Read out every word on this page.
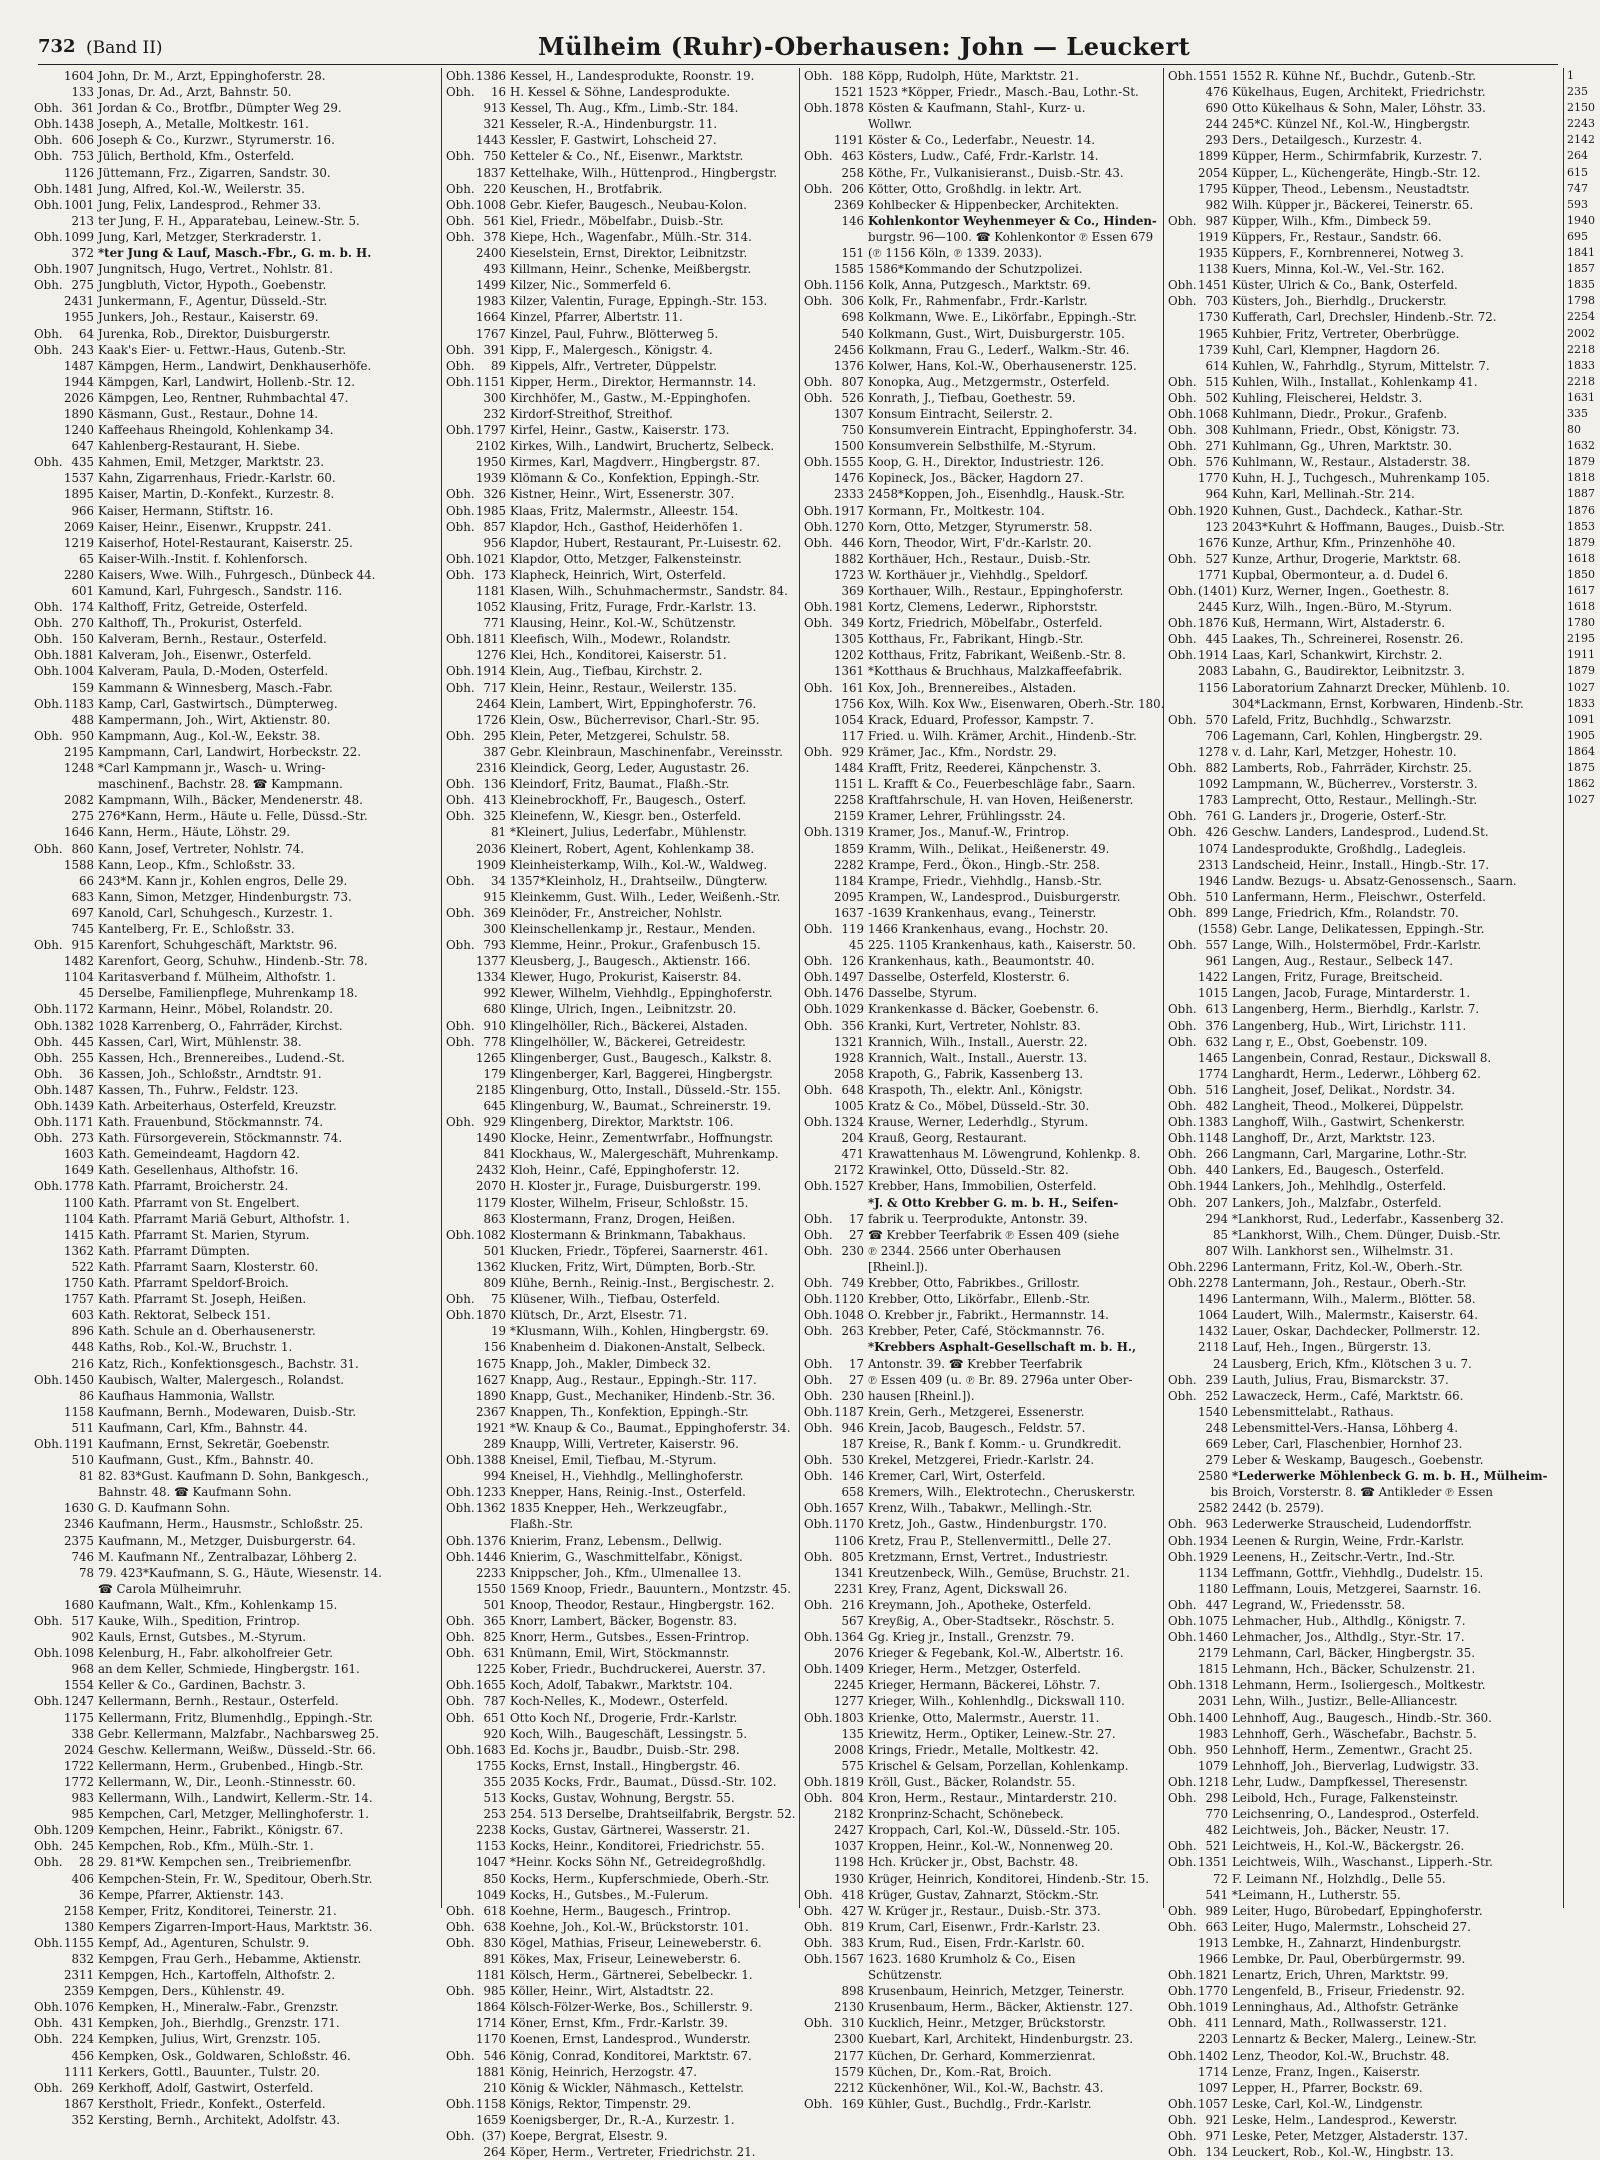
732 (Band II)	Mülheim (Ruhr)-Oberhausen: John — Leuckert
1604 John, Dr. M., Arzt, Eppinghoferstr. 28.
133 Jonas, Dr. Ad., Arzt, Bahnstr. 50.
Obh. 361 Jordan & Co., Brotfbr., Dümpter Weg 29.
Obh.1438 Joseph, A., Metalle, Moltkestr. 161.
Obh. 606 Joseph & Co., Kurzwr., Styrumerstr. 16.
Obh. 753 Jülich, Berthold, Kfm., Osterfeld.
1126 Jüttemann, Frz., Zigarren, Sandstr. 30.
Obh.1481 Jung, Alfred, Kol.-W., Weilerstr. 35.
Obh.1001 Jung, Felix, Landesprod., Rehmer 33.
213 ter Jung, F. H., Apparatebau, Leinew.-Str. 5.
Obh.1099 Jung, Karl, Metzger, Sterkraderstr. 1.
372 *ter Jung & Lauf, Masch.-Fbr., G. m. b. H.
Obh.1907 Jungnitsch, Hugo, Vertret., Nohlstr. 81.
Obh. 275 Jungbluth, Victor, Hypoth., Goebenstr.
2431 Junkermann, F., Agentur, Düsseld.-Str.
1955 Junkers, Joh., Restaur., Kaiserstr. 69.
Obh. 64 Jurenka, Rob., Direktor, Duisburgerstr.
Obh. 243 Kaak's Eier- u. Fettwr.-Haus, Gutenb.-Str.
1487 Kämpgen, Herm., Landwirt, Denkhauserhöfe.
1944 Kämpgen, Karl, Landwirt, Hollenb.-Str. 12.
2026 Kämpgen, Leo, Rentner, Ruhmbachtal 47.
1890 Käsmann, Gust., Restaur., Dohne 14.
1240 Kaffeehaus Rheingold, Kohlenkamp 34.
647 Kahlenberg-Restaurant, H. Siebe.
Obh. 435 Kahmen, Emil, Metzger, Marktstr. 23.
1537 Kahn, Zigarrenhaus, Friedr.-Karlstr. 60.
1895 Kaiser, Martin, D.-Konfekt., Kurzestr. 8.
966 Kaiser, Hermann, Stiftstr. 16.
2069 Kaiser, Heinr., Eisenwr., Kruppstr. 241.
1219 Kaiserhof, Hotel-Restaurant, Kaiserstr. 25.
65 Kaiser-Wilh.-Instit. f. Kohlenforsch.
2280 Kaisers, Wwe. Wilh., Fuhrgesch., Dünbeck 44.
601 Kamund, Karl, Fuhrgesch., Sandstr. 116.
Obh. 174 Kalthoff, Fritz, Getreide, Osterfeld.
Obh. 270 Kalthoff, Th., Prokurist, Osterfeld.
Obh. 150 Kalveram, Bernh., Restaur., Osterfeld.
Obh.1881 Kalveram, Joh., Eisenwr., Osterfeld.
Obh.1004 Kalveram, Paula, D.-Moden, Osterfeld.
159 Kammann & Winnesberg, Masch.-Fabr.
Obh.1183 Kamp, Carl, Gastwirtsch., Dümpterweg.
488 Kampermann, Joh., Wirt, Aktienstr. 80.
Obh. 950 Kampmann, Aug., Kol.-W., Eekstr. 38.
2195 Kampmann, Carl, Landwirt, Horbeckstr. 22.
1248 *Carl Kampmann jr., Wasch- u. Wring-
maschinenf., Bachstr. 28. ☎ Kampmann.
2082 Kampmann, Wilh., Bäcker, Mendenerstr. 48.
275 276*Kann, Herm., Häute u. Felle, Düssd.-Str.
1646 Kann, Herm., Häute, Löhstr. 29.
Obh. 860 Kann, Josef, Vertreter, Nohlstr. 74.
1588 Kann, Leop., Kfm., Schloßstr. 33.
66 243*M. Kann jr., Kohlen engros, Delle 29.
683 Kann, Simon, Metzger, Hindenburgstr. 73.
697 Kanold, Carl, Schuhgesch., Kurzestr. 1.
745 Kantelberg, Fr. E., Schloßstr. 33.
Obh. 915 Karenfort, Schuhgeschäft, Marktstr. 96.
1482 Karenfort, Georg, Schuhw., Hindenb.-Str. 78.
1104 Karitasverband f. Mülheim, Althofstr. 1.
45 Derselbe, Familienpflege, Muhrenkamp 18.
Obh.1172 Karmann, Heinr., Möbel, Rolandstr. 20.
Obh.1382 1028 Karrenberg, O., Fahrräder, Kirchst.
Obh. 445 Kassen, Carl, Wirt, Mühlenstr. 38.
Obh. 255 Kassen, Hch., Brennereibes., Ludend.-St.
Obh. 36 Kassen, Joh., Schloßstr., Arndtstr. 91.
Obh.1487 Kassen, Th., Fuhrw., Feldstr. 123.
Obh.1439 Kath. Arbeiterhaus, Osterfeld, Kreuzstr.
Obh.1171 Kath. Frauenbund, Stöckmannstr. 74.
Obh. 273 Kath. Fürsorgeverein, Stöckmannstr. 74.
1603 Kath. Gemeindeamt, Hagdorn 42.
1649 Kath. Gesellenhaus, Althofstr. 16.
Obh.1778 Kath. Pfarramt, Broicherstr. 24.
1100 Kath. Pfarramt von St. Engelbert.
1104 Kath. Pfarramt Mariä Geburt, Althofstr. 1.
1415 Kath. Pfarramt St. Marien, Styrum.
1362 Kath. Pfarramt Dümpten.
522 Kath. Pfarramt Saarn, Klosterstr. 60.
1750 Kath. Pfarramt Speldorf-Broich.
1757 Kath. Pfarramt St. Joseph, Heißen.
603 Kath. Rektorat, Selbeck 151.
896 Kath. Schule an d. Oberhausenerstr.
448 Kaths, Rob., Kol.-W., Bruchstr. 1.
216 Katz, Rich., Konfektionsgesch., Bachstr. 31.
Obh.1450 Kaubisch, Walter, Malergesch., Rolandst.
86 Kaufhaus Hammonia, Wallstr.
1158 Kaufmann, Bernh., Modewaren, Duisb.-Str.
511 Kaufmann, Carl, Kfm., Bahnstr. 44.
Obh.1191 Kaufmann, Ernst, Sekretär, Goebenstr.
510 Kaufmann, Gust., Kfm., Bahnstr. 40.
81 82. 83*Gust. Kaufmann D. Sohn, Bankgesch.,
Bahnstr. 48. ☎ Kaufmann Sohn.
1630 G. D. Kaufmann Sohn.
2346 Kaufmann, Herm., Hausmstr., Schloßstr. 25.
2375 Kaufmann, M., Metzger, Duisburgerstr. 64.
746 M. Kaufmann Nf., Zentralbazar, Löhberg 2.
78 79. 423*Kaufmann, S. G., Häute, Wiesenstr. 14.
☎ Carola Mülheimruhr.
1680 Kaufmann, Walt., Kfm., Kohlenkamp 15.
Obh. 517 Kauke, Wilh., Spedition, Frintrop.
902 Kauls, Ernst, Gutsbes., M.-Styrum.
Obh.1098 Kelenburg, H., Fabr. alkoholfreier Getr.
968 an dem Keller, Schmiede, Hingbergstr. 161.
1554 Keller & Co., Gardinen, Bachstr. 3.
Obh.1247 Kellermann, Bernh., Restaur., Osterfeld.
1175 Kellermann, Fritz, Blumenhdlg., Eppingh.-Str.
338 Gebr. Kellermann, Malzfabr., Nachbarsweg 25.
2024 Geschw. Kellermann, Weißw., Düsseld.-Str. 66.
1722 Kellermann, Herm., Grubenbed., Hingb.-Str.
1772 Kellermann, W., Dir., Leonh.-Stinnesstr. 60.
983 Kellermann, Wilh., Landwirt, Kellerm.-Str. 14.
985 Kempchen, Carl, Metzger, Mellinghoferstr. 1.
Obh.1209 Kempchen, Heinr., Fabrikt., Königstr. 67.
Obh. 245 Kempchen, Rob., Kfm., Mülh.-Str. 1.
Obh. 28 29. 81*W. Kempchen sen., Treibriemenfbr.
406 Kempchen-Stein, Fr. W., Speditour, Oberh.Str.
36 Kempe, Pfarrer, Aktienstr. 143.
2158 Kemper, Fritz, Konditorei, Teinerstr. 21.
1380 Kempers Zigarren-Import-Haus, Marktstr. 36.
Obh.1155 Kempf, Ad., Agenturen, Schulstr. 9.
832 Kempgen, Frau Gerh., Hebamme, Aktienstr.
2311 Kempgen, Hch., Kartoffeln, Althofstr. 2.
2359 Kempgen, Ders., Kühlenstr. 49.
Obh.1076 Kempken, H., Mineralw.-Fabr., Grenzstr.
Obh. 431 Kempken, Joh., Bierhdlg., Grenzstr. 171.
Obh. 224 Kempken, Julius, Wirt, Grenzstr. 105.
456 Kempken, Osk., Goldwaren, Schloßstr. 46.
1111 Kerkers, Gottl., Bauunter., Tulstr. 20.
Obh. 269 Kerkhoff, Adolf, Gastwirt, Osterfeld.
1867 Kerstholt, Friedr., Konfekt., Osterfeld.
352 Kersting, Bernh., Architekt, Adolfstr. 43.
Obh.1386 Kessel, H., Landesprodukte, Roonstr. 19.
Obh. 16 H. Kessel & Söhne, Landesprodukte.
913 Kessel, Th. Aug., Kfm., Limb.-Str. 184.
321 Kesseler, R.-A., Hindenburgstr. 11.
1443 Kessler, F. Gastwirt, Lohscheid 27.
Obh. 750 Ketteler & Co., Nf., Eisenwr., Marktstr.
1837 Kettelhake, Wilh., Hüttenprod., Hingbergstr.
Obh. 220 Keuschen, H., Brotfabrik.
Obh.1008 Gebr. Kiefer, Baugesch., Neubau-Kolon.
Obh. 561 Kiel, Friedr., Möbelfabr., Duisb.-Str.
Obh. 378 Kiepe, Hch., Wagenfabr., Mülh.-Str. 314.
2400 Kieselstein, Ernst, Direktor, Leibnitzstr.
493 Killmann, Heinr., Schenke, Meißbergstr.
1499 Kilzer, Nic., Sommerfeld 6.
1983 Kilzer, Valentin, Furage, Eppingh.-Str. 153.
1664 Kinzel, Pfarrer, Albertstr. 11.
1767 Kinzel, Paul, Fuhrw., Blötterweg 5.
Obh. 391 Kipp, F., Malergesch., Königstr. 4.
Obh. 89 Kippels, Alfr., Vertreter, Düppelstr.
Obh.1151 Kipper, Herm., Direktor, Hermannstr. 14.
300 Kirchhöfer, M., Gastw., M.-Eppinghofen.
232 Kirdorf-Streithof, Streithof.
Obh.1797 Kirfel, Heinr., Gastw., Kaiserstr. 173.
2102 Kirkes, Wilh., Landwirt, Bruchertz, Selbeck.
1950 Kirmes, Karl, Magdverr., Hingbergstr. 87.
1939 Klömann & Co., Konfektion, Eppingh.-Str.
Obh. 326 Kistner, Heinr., Wirt, Essenerstr. 307.
Obh.1985 Klaas, Fritz, Malermstr., Alleestr. 154.
Obh. 857 Klapdor, Hch., Gasthof, Heiderhöfen 1.
956 Klapdor, Hubert, Restaurant, Pr.-Luisestr. 62.
Obh.1021 Klapdor, Otto, Metzger, Falkensteinstr.
Obh. 173 Klapheck, Heinrich, Wirt, Osterfeld.
1181 Klasen, Wilh., Schuhmachermstr., Sandstr. 84.
1052 Klausing, Fritz, Furage, Frdr.-Karlstr. 13.
771 Klausing, Heinr., Kol.-W., Schützenstr.
Obh.1811 Kleefisch, Wilh., Modewr., Rolandstr.
1276 Klei, Hch., Konditorei, Kaiserstr. 51.
Obh.1914 Klein, Aug., Tiefbau, Kirchstr. 2.
Obh. 717 Klein, Heinr., Restaur., Weilerstr. 135.
2464 Klein, Lambert, Wirt, Eppinghoferstr. 76.
1726 Klein, Osw., Bücherrevisor, Charl.-Str. 95.
Obh. 295 Klein, Peter, Metzgerei, Schulstr. 58.
387 Gebr. Kleinbraun, Maschinenfabr., Vereinsstr.
2316 Kleindick, Georg, Leder, Augustastr. 26.
Obh. 136 Kleindorf, Fritz, Baumat., Flaßh.-Str.
Obh. 413 Kleinebrockhoff, Fr., Baugesch., Osterf.
Obh. 325 Kleinefenn, W., Kiesgr. ben., Osterfeld.
81 *Kleinert, Julius, Lederfabr., Mühlenstr.
2036 Kleinert, Robert, Agent, Kohlenkamp 38.
1909 Kleinheisterkamp, Wilh., Kol.-W., Waldweg.
Obh. 34 1357*Kleinholz, H., Drahtseilw., Düngterw.
915 Kleinkemm, Gust. Wilh., Leder, Weißenh.-Str.
Obh. 369 Kleinöder, Fr., Anstreicher, Nohlstr.
300 Kleinschellenkamp jr., Restaur., Menden.
Obh. 793 Klemme, Heinr., Prokur., Grafenbusch 15.
1377 Kleusberg, J., Baugesch., Aktienstr. 166.
1334 Klewer, Hugo, Prokurist, Kaiserstr. 84.
992 Klewer, Wilhelm, Viehhdlg., Eppinghoferstr.
680 Klinge, Ulrich, Ingen., Leibnitzstr. 20.
Obh. 910 Klingelhöller, Rich., Bäckerei, Alstaden.
Obh. 778 Klingelhöller, W., Bäckerei, Getreidestr.
1265 Klingenberger, Gust., Baugesch., Kalkstr. 8.
179 Klingenberger, Karl, Baggerei, Hingbergstr.
2185 Klingenburg, Otto, Install., Düsseld.-Str. 155.
645 Klingenburg, W., Baumat., Schreinerstr. 19.
Obh. 929 Klingenberg, Direktor, Marktstr. 106.
1490 Klocke, Heinr., Zementwrfabr., Hoffnungstr.
841 Klockhaus, W., Malergeschäft, Muhrenkamp.
2432 Kloh, Heinr., Café, Eppinghoferstr. 12.
2070 H. Kloster jr., Furage, Duisburgerstr. 199.
1179 Kloster, Wilhelm, Friseur, Schloßstr. 15.
863 Klostermann, Franz, Drogen, Heißen.
Obh.1082 Klostermann & Brinkmann, Tabakhaus.
501 Klucken, Friedr., Töpferei, Saarnerstr. 461.
1362 Klucken, Fritz, Wirt, Dümpten, Borb.-Str.
809 Klühe, Bernh., Reinig.-Inst., Bergischestr. 2.
Obh. 75 Klüsener, Wilh., Tiefbau, Osterfeld.
Obh.1870 Klütsch, Dr., Arzt, Elsestr. 71.
19 *Klusmann, Wilh., Kohlen, Hingbergstr. 69.
156 Knabenheim d. Diakonen-Anstalt, Selbeck.
1675 Knapp, Joh., Makler, Dimbeck 32.
1627 Knapp, Aug., Restaur., Eppingh.-Str. 117.
1890 Knapp, Gust., Mechaniker, Hindenb.-Str. 36.
2367 Knappen, Th., Konfektion, Eppingh.-Str.
1921 *W. Knaup & Co., Baumat., Eppinghoferstr. 34.
289 Knaupp, Willi, Vertreter, Kaiserstr. 96.
Obh.1388 Kneisel, Emil, Tiefbau, M.-Styrum.
994 Kneisel, H., Viehhdlg., Mellinghoferstr.
Obh.1233 Knepper, Hans, Reinig.-Inst., Osterfeld.
Obh.1362 1835 Knepper, Heh., Werkzeugfabr.,
Flaßh.-Str.
Obh.1376 Knierim, Franz, Lebensm., Dellwig.
Obh.1446 Knierim, G., Waschmittelfabr., Königst.
2233 Knippscher, Joh., Kfm., Ulmenallee 13.
1550 1569 Knoop, Friedr., Bauuntern., Montzstr. 45.
501 Knoop, Theodor, Restaur., Hingbergstr. 162.
Obh. 365 Knorr, Lambert, Bäcker, Bogenstr. 83.
Obh. 825 Knorr, Herm., Gutsbes., Essen-Frintrop.
Obh. 631 Knümann, Emil, Wirt, Stöckmannstr.
1225 Kober, Friedr., Buchdruckerei, Auerstr. 37.
Obh.1655 Koch, Adolf, Tabakwr., Marktstr. 104.
Obh. 787 Koch-Nelles, K., Modewr., Osterfeld.
Obh. 651 Otto Koch Nf., Drogerie, Frdr.-Karlstr.
920 Koch, Wilh., Baugeschäft, Lessingstr. 5.
Obh.1683 Ed. Kochs jr., Baudbr., Duisb.-Str. 298.
1755 Kocks, Ernst, Install., Hingbergstr. 46.
355 2035 Kocks, Frdr., Baumat., Düssd.-Str. 102.
513 Kocks, Gustav, Wohnung, Bergstr. 55.
253 254. 513 Derselbe, Drahtseilfabrik, Bergstr. 52.
2238 Kocks, Gustav, Gärtnerei, Wasserstr. 21.
1153 Kocks, Heinr., Konditorei, Friedrichstr. 55.
1047 *Heinr. Kocks Söhn Nf., Getreidegroßhdlg.
850 Kocks, Herm., Kupferschmiede, Oberh.-Str.
1049 Kocks, H., Gutsbes., M.-Fulerum.
Obh. 618 Koehne, Herm., Baugesch., Frintrop.
Obh. 638 Koehne, Joh., Kol.-W., Brückstorstr. 101.
Obh. 830 Kögel, Mathias, Friseur, Leineweberstr. 6.
891 Kökes, Max, Friseur, Leineweberstr. 6.
1181 Kölsch, Herm., Gärtnerei, Sebelbeckr. 1.
Obh. 985 Köller, Heinr., Wirt, Alstadtstr. 22.
1864 Kölsch-Fölzer-Werke, Bos., Schillerstr. 9.
1714 Köner, Ernst, Kfm., Frdr.-Karlstr. 39.
1170 Koenen, Ernst, Landesprod., Wunderstr.
Obh. 546 König, Conrad, Konditorei, Marktstr. 67.
1881 König, Heinrich, Herzogstr. 47.
210 König & Wickler, Nähmasch., Kettelstr.
Obh.1158 Königs, Rektor, Timpenstr. 29.
1659 Koenigsberger, Dr., R.-A., Kurzestr. 1.
Obh. (37) Koepe, Bergrat, Elsestr. 9.
264 Köper, Herm., Vertreter, Friedrichstr. 21.
Obh. 188 Köpp, Rudolph, Hüte, Marktstr. 21.
1521 1523 *Köpper, Friedr., Masch.-Bau, Lothr.-St.
Obh.1878 Kösten & Kaufmann, Stahl-, Kurz- u.
Wollwr.
1191 Köster & Co., Lederfabr., Neuestr. 14.
Obh. 463 Kösters, Ludw., Café, Frdr.-Karlstr. 14.
258 Köthe, Fr., Vulkanisieranst., Duisb.-Str. 43.
Obh. 206 Kötter, Otto, Großhdlg. in lektr. Art.
2369 Kohlbecker & Hippenbecker, Architekten.
146 Kohlenkontor Weyhenmeyer & Co., Hinden-
burgstr. 96—100. ☎ Kohlenkontor ℗ Essen 679
151 (℗ 1156 Köln, ℗ 1339. 2033).
1585 1586*Kommando der Schutzpolizei.
Obh.1156 Kolk, Anna, Putzgesch., Marktstr. 69.
Obh. 306 Kolk, Fr., Rahmenfabr., Frdr.-Karlstr.
698 Kolkmann, Wwe. E., Likörfabr., Eppingh.-Str.
540 Kolkmann, Gust., Wirt, Duisburgerstr. 105.
2456 Kolkmann, Frau G., Lederf., Walkm.-Str. 46.
1376 Kolwer, Hans, Kol.-W., Oberhausenerstr. 125.
Obh. 807 Konopka, Aug., Metzgermstr., Osterfeld.
Obh. 526 Konrath, J., Tiefbau, Goethestr. 59.
1307 Konsum Eintracht, Seilerstr. 2.
750 Konsumverein Eintracht, Eppinghoferstr. 34.
1500 Konsumverein Selbsthilfe, M.-Styrum.
Obh.1555 Koop, G. H., Direktor, Industriestr. 126.
1476 Kopineck, Jos., Bäcker, Hagdorn 27.
2333 2458*Koppen, Joh., Eisenhdlg., Hausk.-Str.
Obh.1917 Kormann, Fr., Moltkestr. 104.
Obh.1270 Korn, Otto, Metzger, Styrumerstr. 58.
Obh. 446 Korn, Theodor, Wirt, F'dr.-Karlstr. 20.
1882 Korthäuer, Hch., Restaur., Duisb.-Str.
1723 W. Korthäuer jr., Viehhdlg., Speldorf.
369 Korthauer, Wilh., Restaur., Eppinghoferstr.
Obh.1981 Kortz, Clemens, Lederwr., Riphorststr.
Obh. 349 Kortz, Friedrich, Möbelfabr., Osterfeld.
1305 Kotthaus, Fr., Fabrikant, Hingb.-Str.
1202 Kotthaus, Fritz, Fabrikant, Weißenb.-Str. 8.
1361 *Kotthaus & Bruchhaus, Malzkaffeefabrik.
Obh. 161 Kox, Joh., Brennereibes., Alstaden.
1756 Kox, Wilh. Kox Ww., Eisenwaren, Oberh.-Str. 180.
1054 Krack, Eduard, Professor, Kampstr. 7.
117 Fried. u. Wilh. Krämer, Archit., Hindenb.-Str.
Obh. 929 Krämer, Jac., Kfm., Nordstr. 29.
1484 Krafft, Fritz, Reederei, Känpchenstr. 3.
1151 L. Krafft & Co., Feuerbeschläge fabr., Saarn.
2258 Kraftfahrschule, H. van Hoven, Heißenerstr.
2159 Kramer, Lehrer, Frühlingsstr. 24.
Obh.1319 Kramer, Jos., Manuf.-W., Frintrop.
1859 Kramm, Wilh., Delikat., Heißenerstr. 49.
2282 Krampe, Ferd., Ökon., Hingb.-Str. 258.
1184 Krampe, Friedr., Viehhdlg., Hansb.-Str.
2095 Krampen, W., Landesprod., Duisburgerstr.
1637 -1639 Krankenhaus, evang., Teinerstr.
Obh. 119 1466 Krankenhaus, evang., Hochstr. 20.
45 225. 1105 Krankenhaus, kath., Kaiserstr. 50.
Obh. 126 Krankenhaus, kath., Beaumontstr. 40.
Obh.1497 Dasselbe, Osterfeld, Klosterstr. 6.
Obh.1476 Dasselbe, Styrum.
Obh.1029 Krankenkasse d. Bäcker, Goebenstr. 6.
Obh. 356 Kranki, Kurt, Vertreter, Nohlstr. 83.
1321 Krannich, Wilh., Install., Auerstr. 22.
1928 Krannich, Walt., Install., Auerstr. 13.
2058 Krapoth, G., Fabrik, Kassenberg 13.
Obh. 648 Kraspoth, Th., elektr. Anl., Königstr.
1005 Kratz & Co., Möbel, Düsseld.-Str. 30.
Obh.1324 Krause, Werner, Lederhdlg., Styrum.
204 Krauß, Georg, Restaurant.
471 Krawattenhaus M. Löwengrund, Kohlenkp. 8.
2172 Krawinkel, Otto, Düsseld.-Str. 82.
Obh.1527 Krebber, Hans, Immobilien, Osterfeld.
*J. & Otto Krebber G. m. b. H., Seifen-
Obh. 17 fabrik u. Teerprodukte, Antonstr. 39.
Obh. 27 ☎ Krebber Teerfabrik ℗ Essen 409 (siehe
Obh. 230 ℗ 2344. 2566 unter Oberhausen
[Rheinl.]).
Obh. 749 Krebber, Otto, Fabrikbes., Grillostr.
Obh.1120 Krebber, Otto, Likörfabr., Ellenb.-Str.
Obh.1048 O. Krebber jr., Fabrikt., Hermannstr. 14.
Obh. 263 Krebber, Peter, Café, Stöckmannstr. 76.
*Krebbers Asphalt-Gesellschaft m. b. H.,
Obh. 17 Antonstr. 39. ☎ Krebber Teerfabrik
Obh. 27 ℗ Essen 409 (u. ℗ Br. 89. 2796a unter Ober-
Obh. 230 hausen [Rheinl.]).
Obh.1187 Krein, Gerh., Metzgerei, Essenerstr.
Obh. 946 Krein, Jacob, Baugesch., Feldstr. 57.
187 Kreise, R., Bank f. Komm.- u. Grundkredit.
Obh. 530 Krekel, Metzgerei, Friedr.-Karlstr. 24.
Obh. 146 Kremer, Carl, Wirt, Osterfeld.
658 Kremers, Wilh., Elektrotechn., Cheruskerstr.
Obh.1657 Krenz, Wilh., Tabakwr., Mellingh.-Str.
Obh.1170 Kretz, Joh., Gastw., Hindenburgstr. 170.
1106 Kretz, Frau P., Stellenvermittl., Delle 27.
Obh. 805 Kretzmann, Ernst, Vertret., Industriestr.
1341 Kreutzenbeck, Wilh., Gemüse, Bruchstr. 21.
2231 Krey, Franz, Agent, Dickswall 26.
Obh. 216 Kreymann, Joh., Apotheke, Osterfeld.
567 Kreyßig, A., Ober-Stadtsekr., Röschstr. 5.
Obh.1364 Gg. Krieg jr., Install., Grenzstr. 79.
2076 Krieger & Fegebank, Kol.-W., Albertstr. 16.
Obh.1409 Krieger, Herm., Metzger, Osterfeld.
2245 Krieger, Hermann, Bäckerei, Löhstr. 7.
1277 Krieger, Wilh., Kohlenhdlg., Dickswall 110.
Obh.1803 Krienke, Otto, Malermstr., Auerstr. 11.
135 Kriewitz, Herm., Optiker, Leinew.-Str. 27.
2008 Krings, Friedr., Metalle, Moltkestr. 42.
575 Krischel & Gelsam, Porzellan, Kohlenkamp.
Obh.1819 Kröll, Gust., Bäcker, Rolandstr. 55.
Obh. 804 Kron, Herm., Restaur., Mintarderstr. 210.
2182 Kronprinz-Schacht, Schönebeck.
2427 Kroppach, Carl, Kol.-W., Düsseld.-Str. 105.
1037 Kroppen, Heinr., Kol.-W., Nonnenweg 20.
1198 Hch. Krücker jr., Obst, Bachstr. 48.
1930 Krüger, Heinrich, Konditorei, Hindenb.-Str. 15.
Obh. 418 Krüger, Gustav, Zahnarzt, Stöckm.-Str.
Obh. 427 W. Krüger jr., Restaur., Duisb.-Str. 373.
Obh. 819 Krum, Carl, Eisenwr., Frdr.-Karlstr. 23.
Obh. 383 Krum, Rud., Eisen, Frdr.-Karlstr. 60.
Obh.1567 1623. 1680 Krumholz & Co., Eisen
Schützenstr.
898 Krusenbaum, Heinrich, Metzger, Teinerstr.
2130 Krusenbaum, Herm., Bäcker, Aktienstr. 127.
Obh. 310 Kucklich, Heinr., Metzger, Brückstorstr.
2300 Kuebart, Karl, Architekt, Hindenburgstr. 23.
2177 Küchen, Dr. Gerhard, Kommerzienrat.
1579 Küchen, Dr., Kom.-Rat, Broich.
2212 Kückenhöner, Wil., Kol.-W., Bachstr. 43.
Obh. 169 Kühler, Gust., Buchdlg., Frdr.-Karlstr.
Obh.1551 1552 R. Kühne Nf., Buchdr., Gutenb.-Str.
476 Kükelhaus, Eugen, Architekt, Friedrichstr.
690 Otto Kükelhaus & Sohn, Maler, Löhstr. 33.
244 245*C. Künzel Nf., Kol.-W., Hingbergstr.
293 Ders., Detailgesch., Kurzestr. 4.
1899 Küpper, Herm., Schirmfabrik, Kurzestr. 7.
2054 Küpper, L., Küchengeräte, Hingb.-Str. 12.
1795 Küpper, Theod., Lebensm., Neustadtstr.
982 Wilh. Küpper jr., Bäckerei, Teinerstr. 65.
Obh. 987 Küpper, Wilh., Kfm., Dimbeck 59.
1919 Küppers, Fr., Restaur., Sandstr. 66.
1935 Küppers, F., Kornbrennerei, Notweg 3.
1138 Kuers, Minna, Kol.-W., Vel.-Str. 162.
Obh.1451 Küster, Ulrich & Co., Bank, Osterfeld.
Obh. 703 Küsters, Joh., Bierhdlg., Druckerstr.
1730 Kufferath, Carl, Drechsler, Hindenb.-Str. 72.
1965 Kuhbier, Fritz, Vertreter, Oberbrügge.
1739 Kuhl, Carl, Klempner, Hagdorn 26.
614 Kuhlen, W., Fahrhdlg., Styrum, Mittelstr. 7.
Obh. 515 Kuhlen, Wilh., Installat., Kohlenkamp 41.
Obh. 502 Kuhling, Fleischerei, Heldstr. 3.
Obh.1068 Kuhlmann, Diedr., Prokur., Grafenb.
Obh. 308 Kuhlmann, Friedr., Obst, Königstr. 73.
Obh. 271 Kuhlmann, Gg., Uhren, Marktstr. 30.
Obh. 576 Kuhlmann, W., Restaur., Alstaderstr. 38.
1770 Kuhn, H. J., Tuchgesch., Muhrenkamp 105.
964 Kuhn, Karl, Mellinah.-Str. 214.
Obh.1920 Kuhnen, Gust., Dachdeck., Kathar.-Str.
123 2043*Kuhrt & Hoffmann, Bauges., Duisb.-Str.
1676 Kunze, Arthur, Kfm., Prinzenhöhe 40.
Obh. 527 Kunze, Arthur, Drogerie, Marktstr. 68.
1771 Kupbal, Obermonteur, a. d. Dudel 6.
Obh.(1401) Kurz, Werner, Ingen., Goethestr. 8.
2445 Kurz, Wilh., Ingen.-Büro, M.-Styrum.
Obh.1876 Kuß, Hermann, Wirt, Alstaderstr. 6.
Obh. 445 Laakes, Th., Schreinerei, Rosenstr. 26.
Obh.1914 Laas, Karl, Schankwirt, Kirchstr. 2.
2083 Labahn, G., Baudirektor, Leibnitzstr. 3.
1156 Laboratorium Zahnarzt Drecker, Mühlenb. 10.
304*Lackmann, Ernst, Korbwaren, Hindenb.-Str.
Obh. 570 Lafeld, Fritz, Buchhdlg., Schwarzstr.
706 Lagemann, Carl, Kohlen, Hingbergstr. 29.
1278 v. d. Lahr, Karl, Metzger, Hohestr. 10.
Obh. 882 Lamberts, Rob., Fahrräder, Kirchstr. 25.
1092 Lampmann, W., Bücherrev., Vorsterstr. 3.
1783 Lamprecht, Otto, Restaur., Mellingh.-Str.
Obh. 761 G. Landers jr., Drogerie, Osterf.-Str.
Obh. 426 Geschw. Landers, Landesprod., Ludend.St.
1074 Landesprodukte, Großhdlg., Ladegleis.
2313 Landscheid, Heinr., Install., Hingb.-Str. 17.
1946 Landw. Bezugs- u. Absatz-Genossensch., Saarn.
Obh. 510 Lanfermann, Herm., Fleischwr., Osterfeld.
Obh. 899 Lange, Friedrich, Kfm., Rolandstr. 70.
(1558) Gebr. Lange, Delikatessen, Eppingh.-Str.
Obh. 557 Lange, Wilh., Holstermöbel, Frdr.-Karlstr.
961 Langen, Aug., Restaur., Selbeck 147.
1422 Langen, Fritz, Furage, Breitscheid.
1015 Langen, Jacob, Furage, Mintarderstr. 1.
Obh. 613 Langenberg, Herm., Bierhdlg., Karlstr. 7.
Obh. 376 Langenberg, Hub., Wirt, Lirichstr. 111.
Obh. 632 Lang r, E., Obst, Goebenstr. 109.
1465 Langenbein, Conrad, Restaur., Dickswall 8.
1774 Langhardt, Herm., Lederwr., Löhberg 62.
Obh. 516 Langheit, Josef, Delikat., Nordstr. 34.
Obh. 482 Langheit, Theod., Molkerei, Düppelstr.
Obh.1383 Langhoff, Wilh., Gastwirt, Schenkerstr.
Obh.1148 Langhoff, Dr., Arzt, Marktstr. 123.
Obh. 266 Langmann, Carl, Margarine, Lothr.-Str.
Obh. 440 Lankers, Ed., Baugesch., Osterfeld.
Obh.1944 Lankers, Joh., Mehlhdlg., Osterfeld.
Obh. 207 Lankers, Joh., Malzfabr., Osterfeld.
294 *Lankhorst, Rud., Lederfabr., Kassenberg 32.
85 *Lankhorst, Wilh., Chem. Dünger, Duisb.-Str.
807 Wilh. Lankhorst sen., Wilhelmstr. 31.
Obh.2296 Lantermann, Fritz, Kol.-W., Oberh.-Str.
Obh.2278 Lantermann, Joh., Restaur., Oberh.-Str.
1496 Lantermann, Wilh., Malerm., Blötter. 58.
1064 Laudert, Wilh., Malermstr., Kaiserstr. 64.
1432 Lauer, Oskar, Dachdecker, Pollmerstr. 12.
2118 Lauf, Heh., Ingen., Bürgerstr. 13.
24 Lausberg, Erich, Kfm., Klötschen 3 u. 7.
Obh. 239 Lauth, Julius, Frau, Bismarckstr. 37.
Obh. 252 Lawaczeck, Herm., Café, Marktstr. 66.
1540 Lebensmittelabt., Rathaus.
248 Lebensmittel-Vers.-Hansa, Löhberg 4.
669 Leber, Carl, Flaschenbier, Hornhof 23.
279 Leber & Weskamp, Baugesch., Goebenstr.
2580 *Lederwerke Möhlenbeck G. m. b. H., Mülheim-
bis Broich, Vorsterstr. 8. ☎ Antikleder ℗ Essen
2582 2442 (b. 2579).
Obh. 963 Lederwerke Strauscheid, Ludendorffstr.
Obh.1934 Leenen & Rurgin, Weine, Frdr.-Karlstr.
Obh.1929 Leenens, H., Zeitschr.-Vertr., Ind.-Str.
1134 Leffmann, Gottfr., Viehhdlg., Dudelstr. 15.
1180 Leffmann, Louis, Metzgerei, Saarnstr. 16.
Obh. 447 Legrand, W., Friedensstr. 58.
Obh.1075 Lehmacher, Hub., Althdlg., Königstr. 7.
Obh.1460 Lehmacher, Jos., Althdlg., Styr.-Str. 17.
2179 Lehmann, Carl, Bäcker, Hingbergstr. 35.
1815 Lehmann, Hch., Bäcker, Schulzenstr. 21.
Obh.1318 Lehmann, Herm., Isoliergesch., Moltkestr.
2031 Lehn, Wilh., Justizr., Belle-Alliancestr.
Obh.1400 Lehnhoff, Aug., Baugesch., Hindb.-Str. 360.
1983 Lehnhoff, Gerh., Wäschefabr., Bachstr. 5.
Obh. 950 Lehnhoff, Herm., Zementwr., Gracht 25.
1079 Lehnhoff, Joh., Bierverlag, Ludwigstr. 33.
Obh.1218 Lehr, Ludw., Dampfkessel, Theresenstr.
Obh. 298 Leibold, Hch., Furage, Falkensteinstr.
770 Leichsenring, O., Landesprod., Osterfeld.
482 Leichtweis, Joh., Bäcker, Neustr. 17.
Obh. 521 Leichtweis, H., Kol.-W., Bäckergstr. 26.
Obh.1351 Leichtweis, Wilh., Waschanst., Lipperh.-Str.
72 F. Leimann Nf., Holzhdlg., Delle 55.
541 *Leimann, H., Lutherstr. 55.
Obh. 989 Leiter, Hugo, Bürobedarf, Eppinghoferstr.
Obh. 663 Leiter, Hugo, Malermstr., Lohscheid 27.
1913 Lembke, H., Zahnarzt, Hindenburgstr.
1966 Lembke, Dr. Paul, Oberbürgermstr. 99.
Obh.1821 Lenartz, Erich, Uhren, Marktstr. 99.
Obh.1770 Lengenfeld, B., Friseur, Friedenstr. 92.
Obh.1019 Lenninghaus, Ad., Althofstr. Getränke
Obh. 411 Lennard, Math., Rollwasserstr. 121.
2203 Lennartz & Becker, Malerg., Leinew.-Str.
Obh.1402 Lenz, Theodor, Kol.-W., Bruchstr. 48.
1714 Lenze, Franz, Ingen., Kaiserstr.
1097 Lepper, H., Pfarrer, Bockstr. 69.
Obh.1057 Leske, Carl, Kol.-W., Lindgenstr.
Obh. 921 Leske, Helm., Landesprod., Kewerstr.
Obh. 971 Leske, Peter, Metzger, Alstaderstr. 137.
Obh. 134 Leuckert, Rob., Kol.-W., Hingbstr. 13.
1
235
2150
2243
2142
264
615
747
593
1940
695
1841
1857
1835
1798
2254
2002
2218
1833
2218
1631
335
80
1632
1879
1818
1887
1876
1853
1879
1618
1850
1617
1618
1780
2195
1911
1879
1027
1833
1091
1905
1864
1875
1862
1027
